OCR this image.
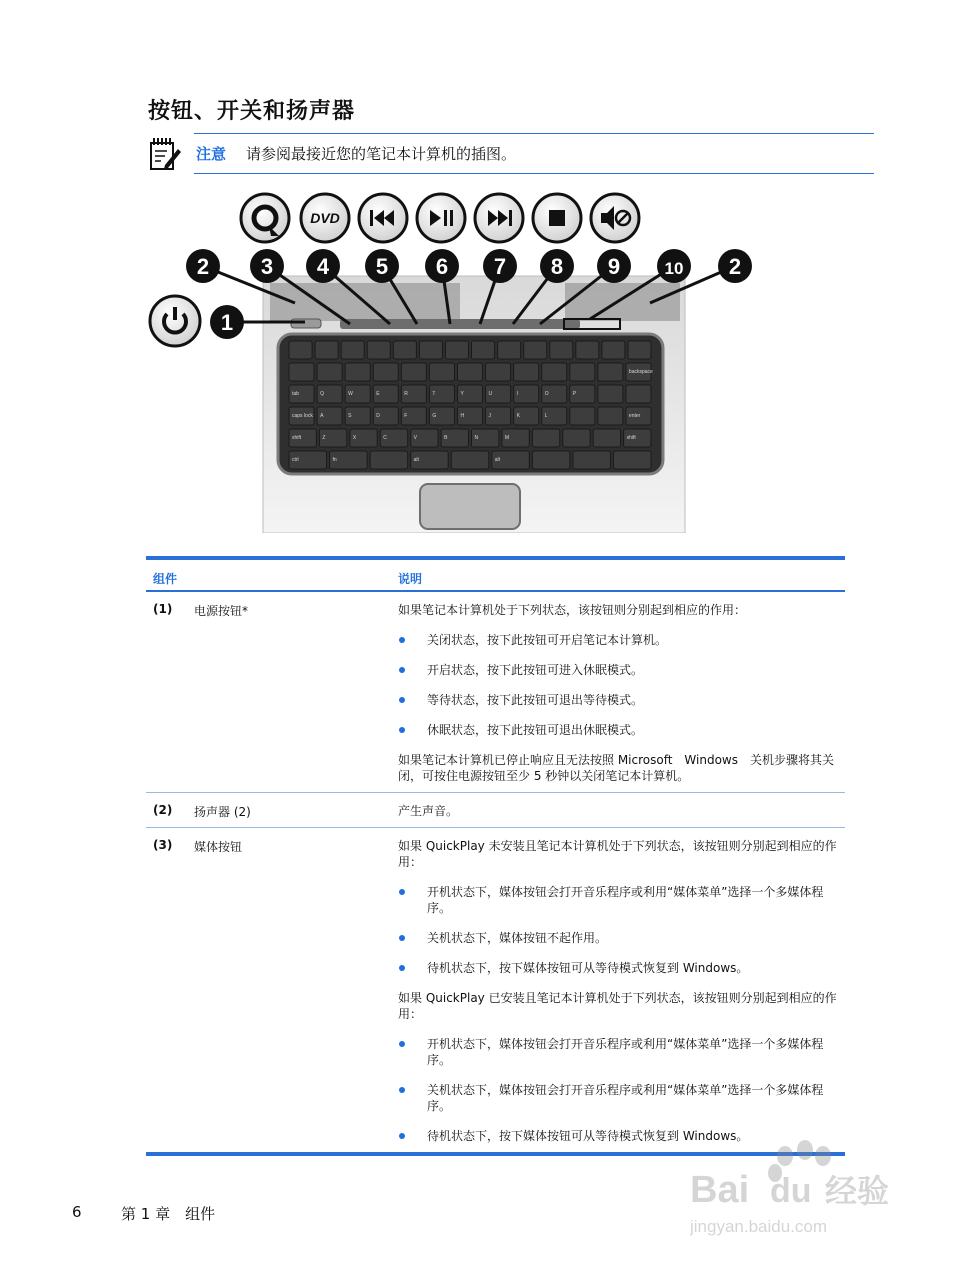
按钮、开关和扬声器
注意 请参阅最接近您的笔记本计算机的插图。
backspace
tab	Q	W	E	R	T	Y	U	I	O	P
caps lock A	S	D	F	G	H	J	K	L	enter
shift	Z	X	C	V	B	N	M	shift
ctrl	fn	alt	alt
DVD
1
2 3 4 5 6 7 8 9	10 2
组件	说明
(1) 电源按钮*	如果笔记本计算机处于下列状态，该按钮则分别起到相应的作用：

关闭状态，按下此按钮可开启笔记本计算机。
开启状态，按下此按钮可进入休眠模式。
等待状态，按下此按钮可退出等待模式。
休眠状态，按下此按钮可退出休眠模式。

如果笔记本计算机已停止响应且无法按照 Microsoft　Windows　关机步骤将其关闭，可按住电源按钮至少 5 秒钟以关闭笔记本计算机。

(2) 扬声器 (2)	产生声音。

(3) 媒体按钮	如果 QuickPlay 未安装且笔记本计算机处于下列状态，该按钮则分别起到相应的作用：

开机状态下，媒体按钮会打开音乐程序或利用“媒体菜单”选择一个多媒体程序。
关机状态下，媒体按钮不起作用。
待机状态下，按下媒体按钮可从等待模式恢复到 Windows。

如果 QuickPlay 已安装且笔记本计算机处于下列状态，该按钮则分别起到相应的作用：

开机状态下，媒体按钮会打开音乐程序或利用“媒体菜单”选择一个多媒体程序。
关机状态下，媒体按钮会打开音乐程序或利用“媒体菜单”选择一个多媒体程序。
待机状态下，按下媒体按钮可从等待模式恢复到 Windows。
6	第 1 章　组件
Bai du 经验
jingyan.baidu.com
